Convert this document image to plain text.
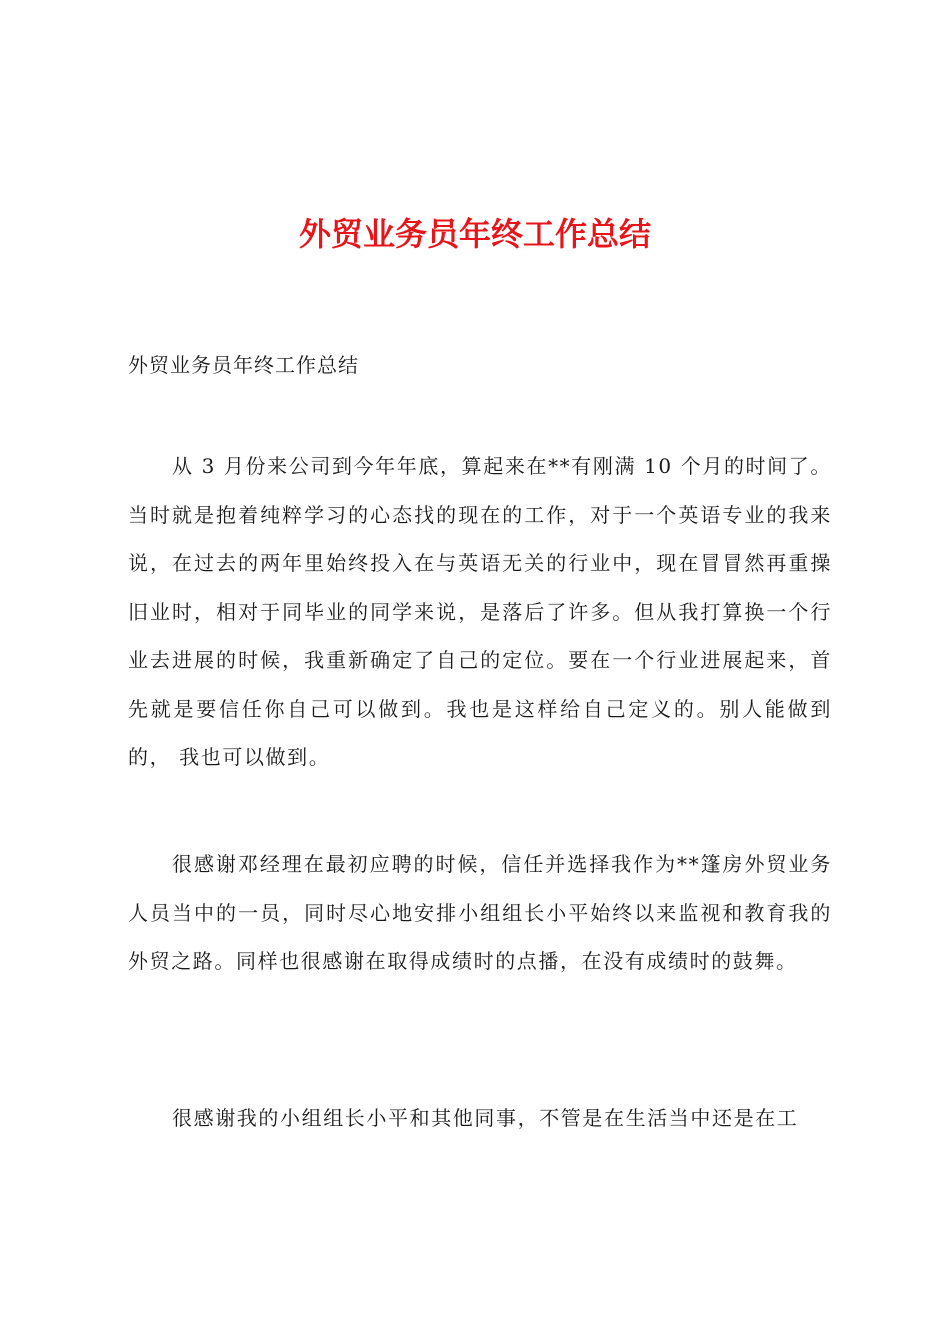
外贸业务员年终工作总结

外贸业务员年终工作总结

从 3 月份来公司到今年年底，算起来在**有刚满 10 个月的时间了。当时就是抱着纯粹学习的心态找的现在的工作，对于一个英语专业的我来说，在过去的两年里始终投入在与英语无关的行业中，现在冒冒然再重操旧业时，相对于同毕业的同学来说，是落后了许多。但从我打算换一个行业去进展的时候，我重新确定了自己的定位。要在一个行业进展起来，首先就是要信任你自己可以做到。我也是这样给自己定义的。别人能做到的， 我也可以做到。

很感谢邓经理在最初应聘的时候，信任并选择我作为**篷房外贸业务人员当中的一员，同时尽心地安排小组组长小平始终以来监视和教育我的外贸之路。同样也很感谢在取得成绩时的点播，在没有成绩时的鼓舞。

很感谢我的小组组长小平和其他同事，不管是在生活当中还是在工
